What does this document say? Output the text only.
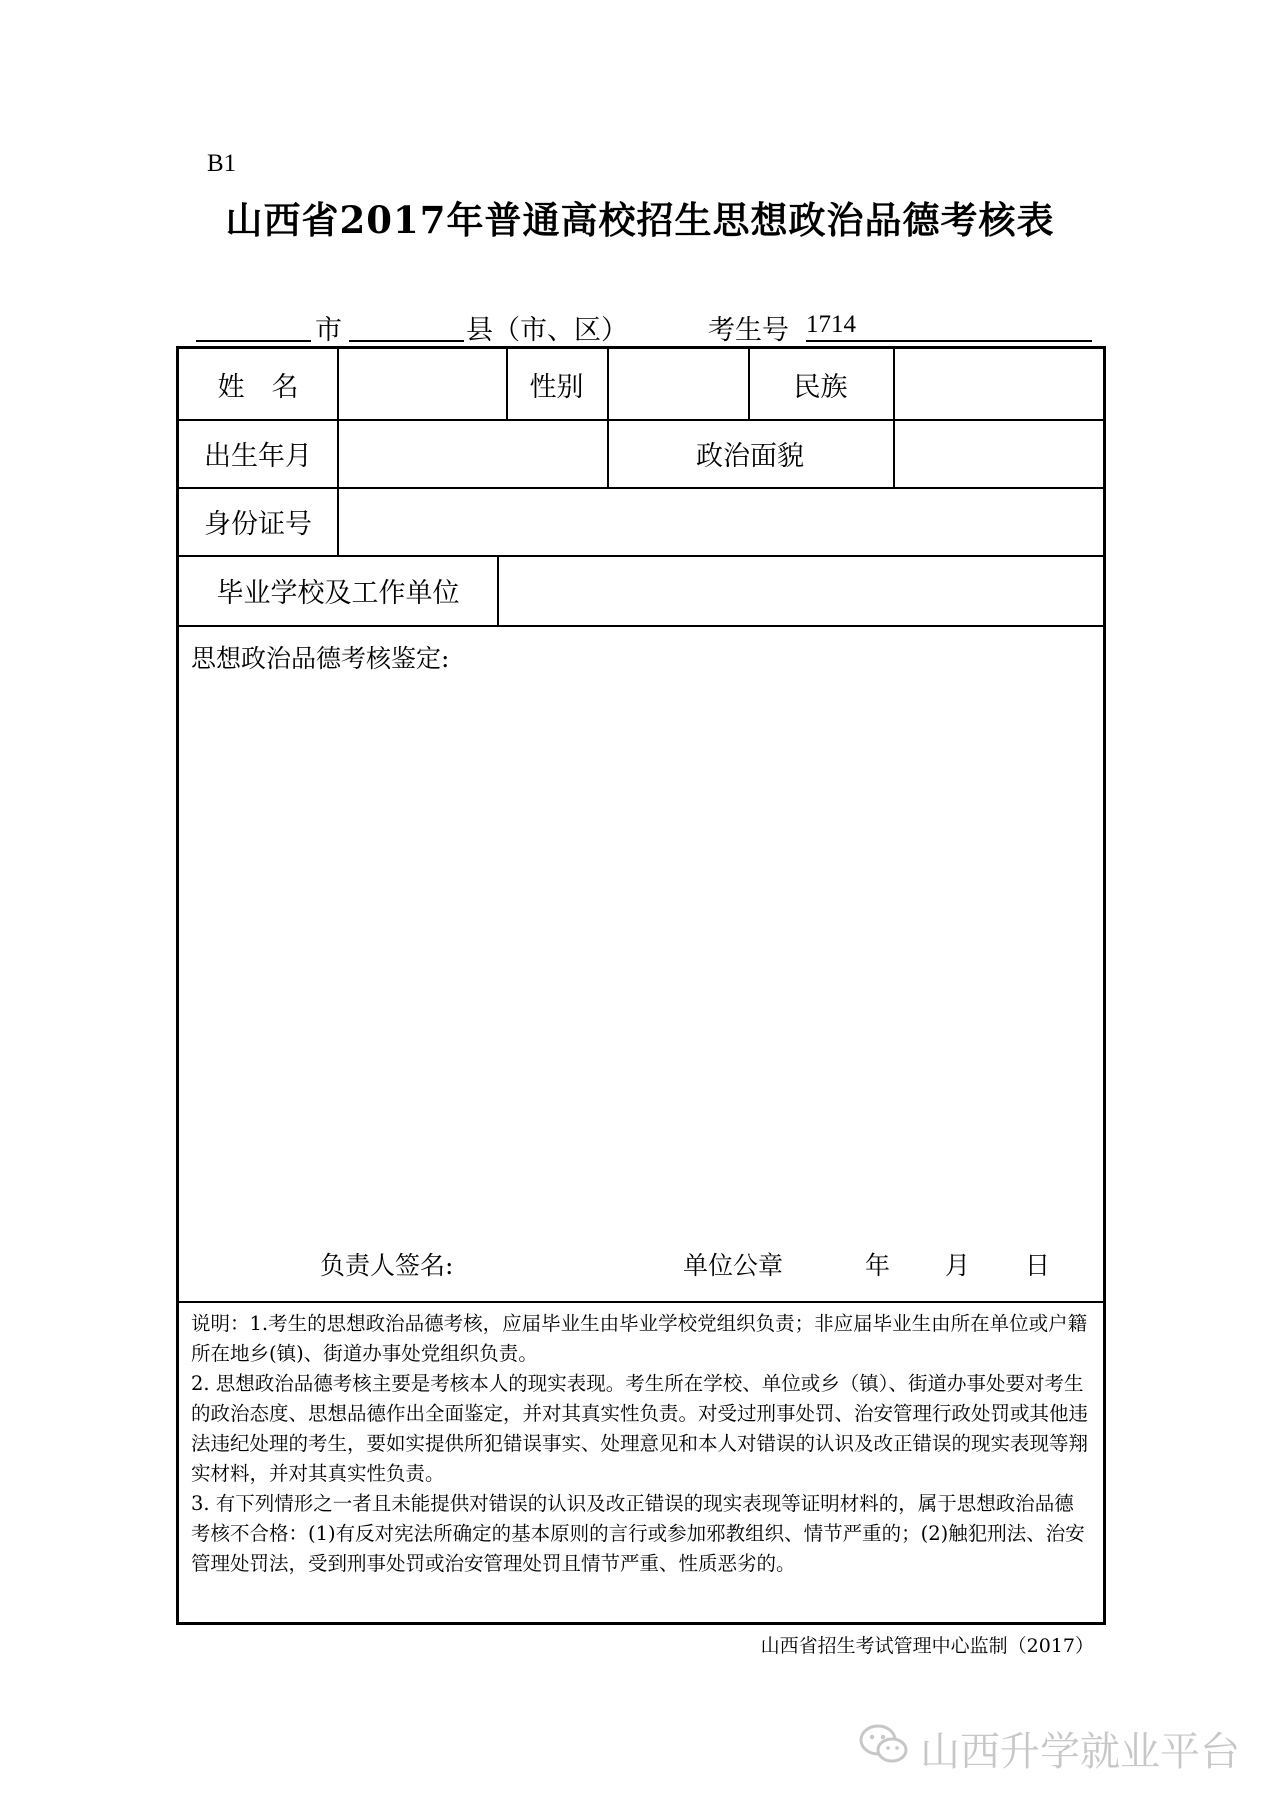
B1
山西省2017年普通高校招生思想政治品德考核表
市	县（市、区）	考生号 1714
姓　名	性别	民族
出生年月	政治面貌
身份证号
毕业学校及工作单位
思想政治品德考核鉴定:
负责人签名:	单位公章	年 月 日
说明：1.考生的思想政治品德考核，应届毕业生由毕业学校党组织负责；非应届毕业生由所在单位或户籍所在地乡(镇)、街道办事处党组织负责。
2. 思想政治品德考核主要是考核本人的现实表现。考生所在学校、单位或乡（镇）、街道办事处要对考生的政治态度、思想品德作出全面鉴定，并对其真实性负责。对受过刑事处罚、治安管理行政处罚或其他违法违纪处理的考生，要如实提供所犯错误事实、处理意见和本人对错误的认识及改正错误的现实表现等翔实材料，并对其真实性负责。
3. 有下列情形之一者且未能提供对错误的认识及改正错误的现实表现等证明材料的，属于思想政治品德考核不合格：(1)有反对宪法所确定的基本原则的言行或参加邪教组织、情节严重的；(2)触犯刑法、治安管理处罚法，受到刑事处罚或治安管理处罚且情节严重、性质恶劣的。
山西省招生考试管理中心监制（2017）
山西升学就业平台
